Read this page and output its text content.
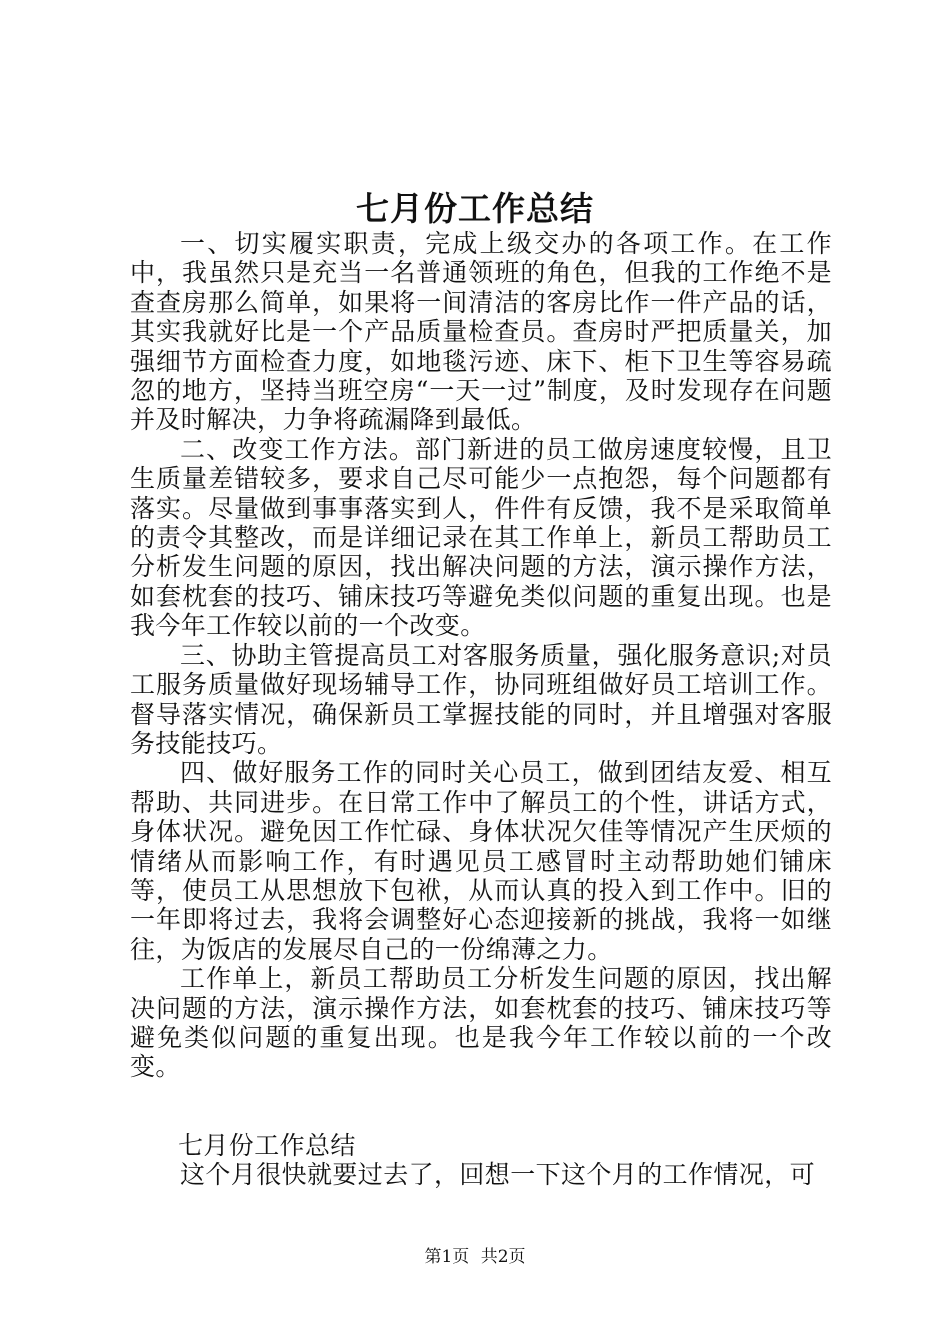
七月份工作总结

一、切实履实职责，完成上级交办的各项工作。在工作中，我虽然只是充当一名普通领班的角色，但我的工作绝不是查查房那么简单，如果将一间清洁的客房比作一件产品的话，其实我就好比是一个产品质量检查员。查房时严把质量关，加强细节方面检查力度，如地毯污迹、床下、柜下卫生等容易疏忽的地方，坚持当班空房“一天一过”制度，及时发现存在问题并及时解决，力争将疏漏降到最低。

二、改变工作方法。部门新进的员工做房速度较慢，且卫生质量差错较多，要求自己尽可能少一点抱怨，每个问题都有落实。尽量做到事事落实到人，件件有反馈，我不是采取简单的责令其整改，而是详细记录在其工作单上，新员工帮助员工分析发生问题的原因，找出解决问题的方法，演示操作方法，如套枕套的技巧、铺床技巧等避免类似问题的重复出现。也是我今年工作较以前的一个改变。

三、协助主管提高员工对客服务质量，强化服务意识;对员工服务质量做好现场辅导工作，协同班组做好员工培训工作。督导落实情况，确保新员工掌握技能的同时，并且增强对客服务技能技巧。

四、做好服务工作的同时关心员工，做到团结友爱、相互帮助、共同进步。在日常工作中了解员工的个性，讲话方式，身体状况。避免因工作忙碌、身体状况欠佳等情况产生厌烦的情绪从而影响工作，有时遇见员工感冒时主动帮助她们铺床等，使员工从思想放下包袱，从而认真的投入到工作中。旧的一年即将过去，我将会调整好心态迎接新的挑战，我将一如继往，为饭店的发展尽自己的一份绵薄之力。

工作单上，新员工帮助员工分析发生问题的原因，找出解决问题的方法，演示操作方法，如套枕套的技巧、铺床技巧等避免类似问题的重复出现。也是我今年工作较以前的一个改变。

七月份工作总结

这个月很快就要过去了，回想一下这个月的工作情况，可

第1页 共2页
